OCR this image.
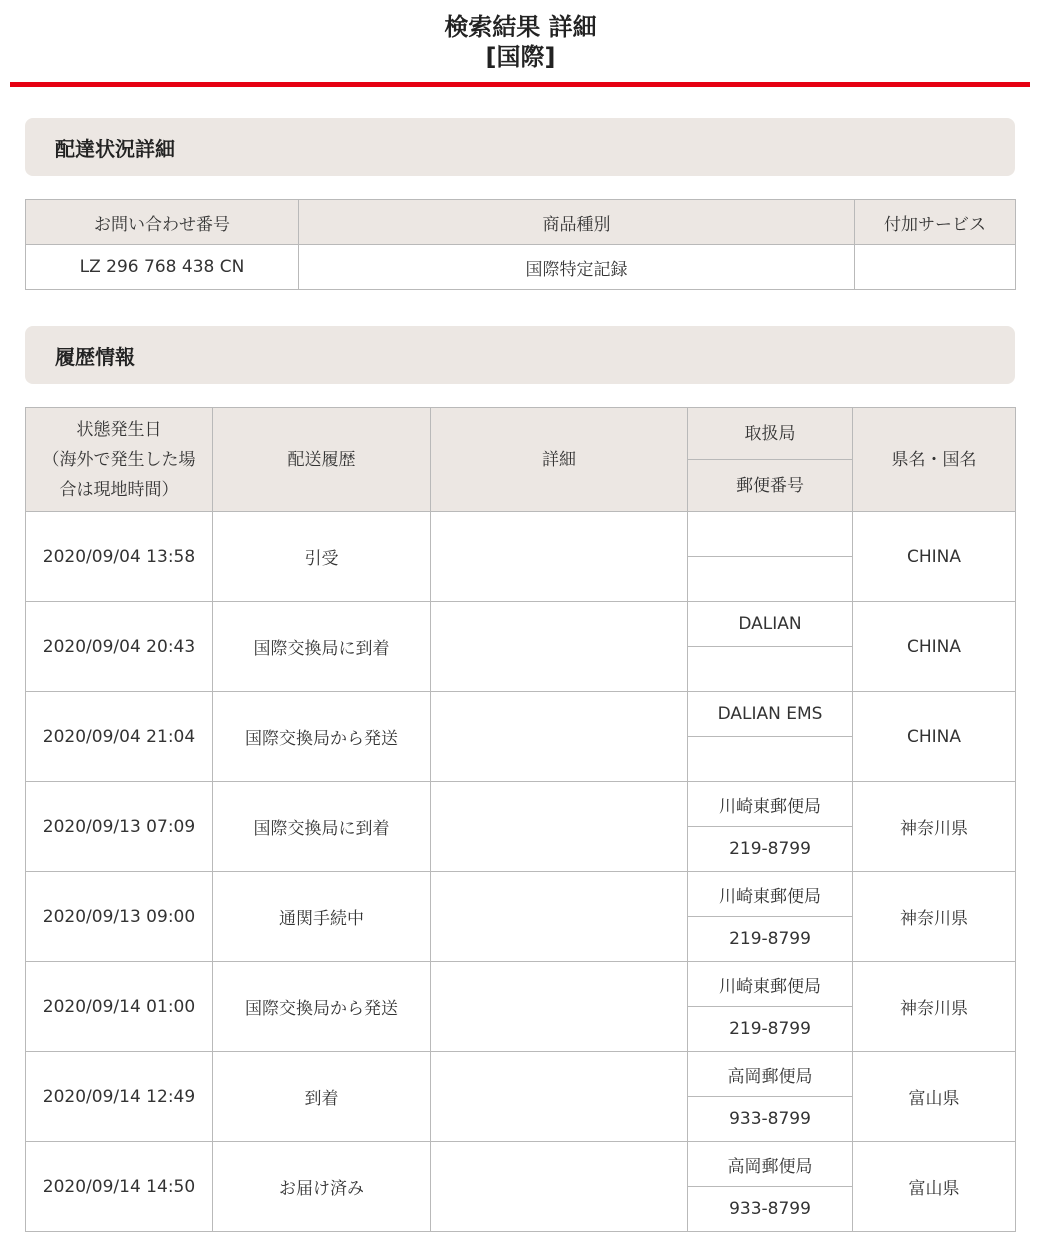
検索結果 詳細
[国際]
配達状況詳細
お問い合わせ番号	商品種別	付加サービス
LZ 296 768 438 CN	国際特定記録	
履歴情報
状態発生日
（海外で発生した場合は現地時間）	配送履歴	詳細	取扱局	県名・国名
			郵便番号	
2020/09/04 13:58	引受			CHINA

2020/09/04 20:43	国際交換局に到着		DALIAN	CHINA

2020/09/04 21:04	国際交換局から発送		DALIAN EMS	CHINA

2020/09/13 07:09	国際交換局に到着		川崎東郵便局	神奈川県
			219-8799	
2020/09/13 09:00	通関手続中		川崎東郵便局	神奈川県
			219-8799	
2020/09/14 01:00	国際交換局から発送		川崎東郵便局	神奈川県
			219-8799	
2020/09/14 12:49	到着		高岡郵便局	富山県
			933-8799	
2020/09/14 14:50	お届け済み		高岡郵便局	富山県
			933-8799	
